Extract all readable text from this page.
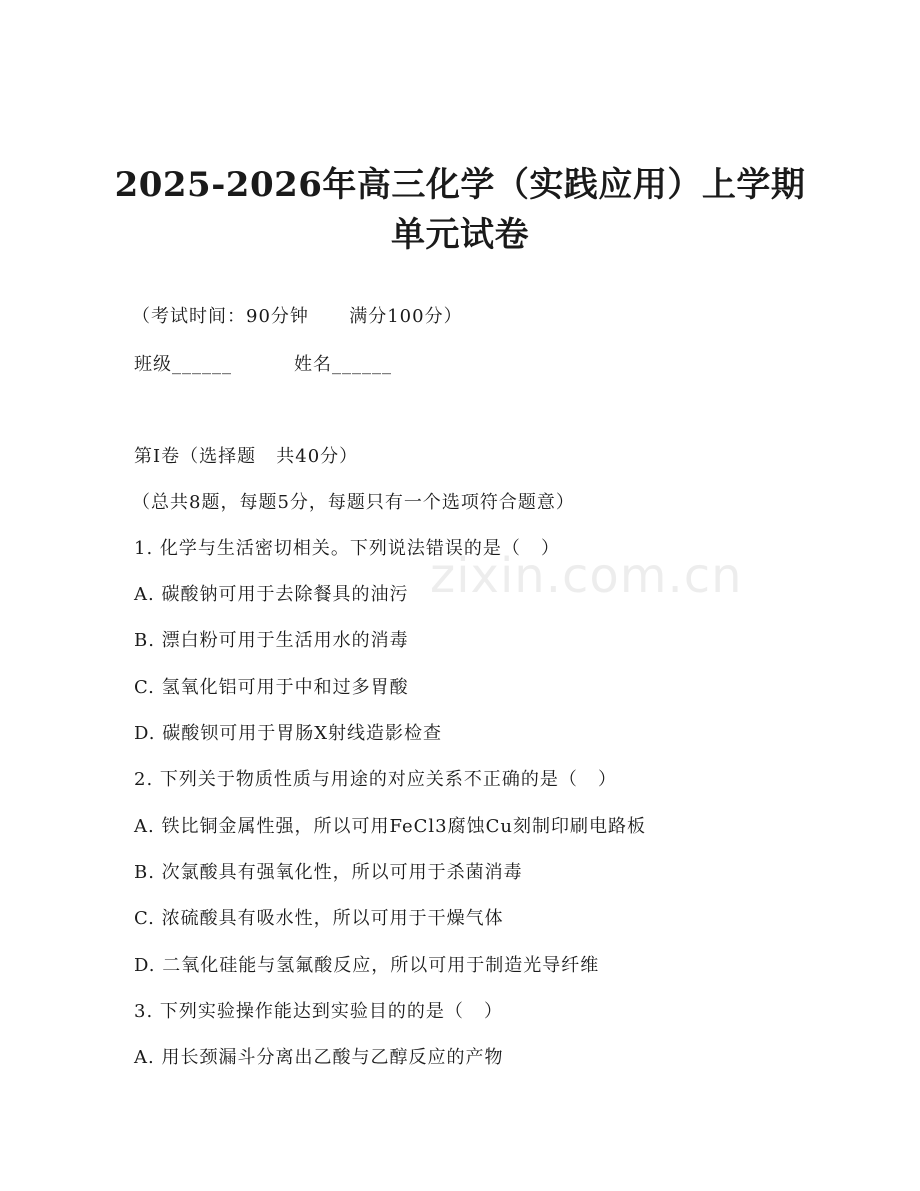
zixin.com.cn
2025-2026年高三化学（实践应用）上学期
单元试卷
（考试时间：90分钟      满分100分）
班级______	姓名______
第Ⅰ卷（选择题   共40分）
（总共8题，每题5分，每题只有一个选项符合题意）
1. 化学与生活密切相关。下列说法错误的是（   ）
A. 碳酸钠可用于去除餐具的油污
B. 漂白粉可用于生活用水的消毒
C. 氢氧化铝可用于中和过多胃酸
D. 碳酸钡可用于胃肠X射线造影检查
2. 下列关于物质性质与用途的对应关系不正确的是（   ）
A. 铁比铜金属性强，所以可用FeCl3腐蚀Cu刻制印刷电路板
B. 次氯酸具有强氧化性，所以可用于杀菌消毒
C. 浓硫酸具有吸水性，所以可用于干燥气体
D. 二氧化硅能与氢氟酸反应，所以可用于制造光导纤维
3. 下列实验操作能达到实验目的的是（   ）
A. 用长颈漏斗分离出乙酸与乙醇反应的产物
